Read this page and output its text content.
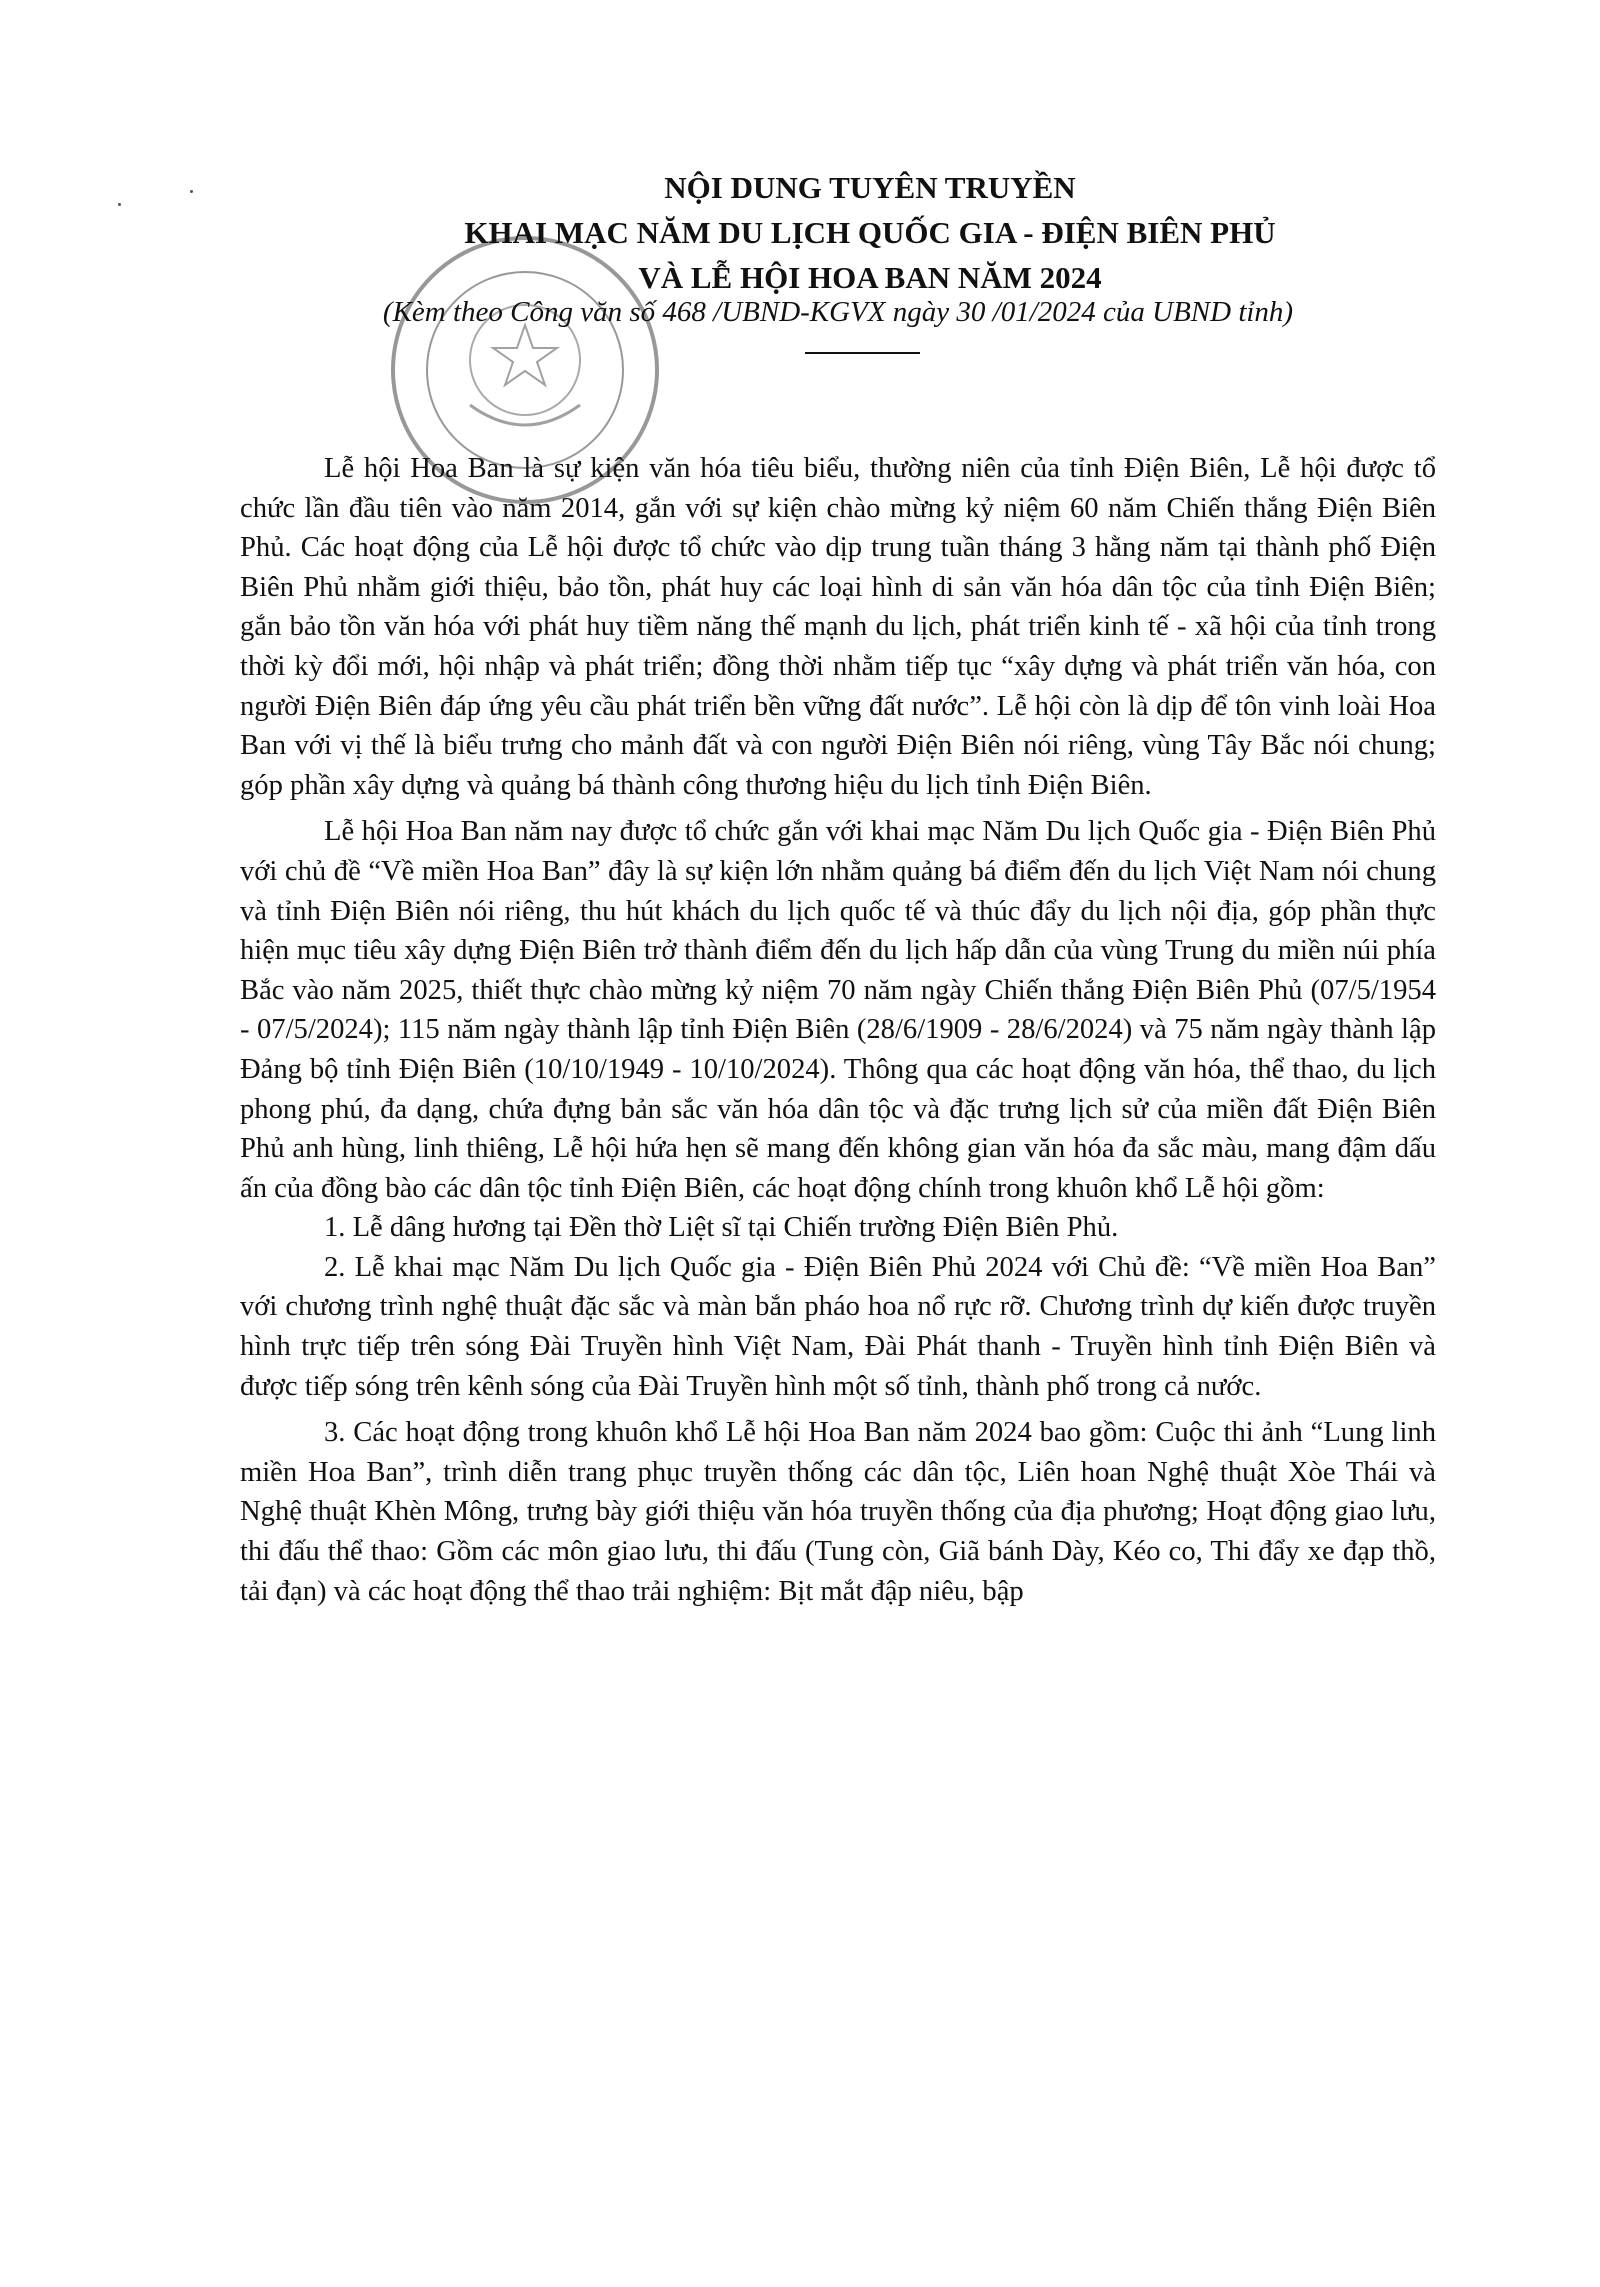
NỘI DUNG TUYÊN TRUYỀN
KHAI MẠC NĂM DU LỊCH QUỐC GIA - ĐIỆN BIÊN PHỦ
VÀ LỄ HỘI HOA BAN NĂM 2024
(Kèm theo Công văn số 468 /UBND-KGVX ngày 30 /01/2024 của UBND tỉnh)

Lễ hội Hoa Ban là sự kiện văn hóa tiêu biểu, thường niên của tỉnh Điện Biên, Lễ hội được tổ chức lần đầu tiên vào năm 2014, gắn với sự kiện chào mừng kỷ niệm 60 năm Chiến thắng Điện Biên Phủ. Các hoạt động của Lễ hội được tổ chức vào dịp trung tuần tháng 3 hằng năm tại thành phố Điện Biên Phủ nhằm giới thiệu, bảo tồn, phát huy các loại hình di sản văn hóa dân tộc của tỉnh Điện Biên; gắn bảo tồn văn hóa với phát huy tiềm năng thế mạnh du lịch, phát triển kinh tế - xã hội của tỉnh trong thời kỳ đổi mới, hội nhập và phát triển; đồng thời nhằm tiếp tục “xây dựng và phát triển văn hóa, con người Điện Biên đáp ứng yêu cầu phát triển bền vững đất nước”. Lễ hội còn là dịp để tôn vinh loài Hoa Ban với vị thế là biểu trưng cho mảnh đất và con người Điện Biên nói riêng, vùng Tây Bắc nói chung; góp phần xây dựng và quảng bá thành công thương hiệu du lịch tỉnh Điện Biên.

Lễ hội Hoa Ban năm nay được tổ chức gắn với khai mạc Năm Du lịch Quốc gia - Điện Biên Phủ với chủ đề “Về miền Hoa Ban” đây là sự kiện lớn nhằm quảng bá điểm đến du lịch Việt Nam nói chung và tỉnh Điện Biên nói riêng, thu hút khách du lịch quốc tế và thúc đẩy du lịch nội địa, góp phần thực hiện mục tiêu xây dựng Điện Biên trở thành điểm đến du lịch hấp dẫn của vùng Trung du miền núi phía Bắc vào năm 2025, thiết thực chào mừng kỷ niệm 70 năm ngày Chiến thắng Điện Biên Phủ (07/5/1954 - 07/5/2024); 115 năm ngày thành lập tỉnh Điện Biên (28/6/1909 - 28/6/2024) và 75 năm ngày thành lập Đảng bộ tỉnh Điện Biên (10/10/1949 - 10/10/2024). Thông qua các hoạt động văn hóa, thể thao, du lịch phong phú, đa dạng, chứa đựng bản sắc văn hóa dân tộc và đặc trưng lịch sử của miền đất Điện Biên Phủ anh hùng, linh thiêng, Lễ hội hứa hẹn sẽ mang đến không gian văn hóa đa sắc màu, mang đậm dấu ấn của đồng bào các dân tộc tỉnh Điện Biên, các hoạt động chính trong khuôn khổ Lễ hội gồm:

1. Lễ dâng hương tại Đền thờ Liệt sĩ tại Chiến trường Điện Biên Phủ.

2. Lễ khai mạc Năm Du lịch Quốc gia - Điện Biên Phủ 2024 với Chủ đề: “Về miền Hoa Ban” với chương trình nghệ thuật đặc sắc và màn bắn pháo hoa nổ rực rỡ. Chương trình dự kiến được truyền hình trực tiếp trên sóng Đài Truyền hình Việt Nam, Đài Phát thanh - Truyền hình tỉnh Điện Biên và được tiếp sóng trên kênh sóng của Đài Truyền hình một số tỉnh, thành phố trong cả nước.

3. Các hoạt động trong khuôn khổ Lễ hội Hoa Ban năm 2024 bao gồm: Cuộc thi ảnh “Lung linh miền Hoa Ban”, trình diễn trang phục truyền thống các dân tộc, Liên hoan Nghệ thuật Xòe Thái và Nghệ thuật Khèn Mông, trưng bày giới thiệu văn hóa truyền thống của địa phương; Hoạt động giao lưu, thi đấu thể thao: Gồm các môn giao lưu, thi đấu (Tung còn, Giã bánh Dày, Kéo co, Thi đẩy xe đạp thồ, tải đạn) và các hoạt động thể thao trải nghiệm: Bịt mắt đập niêu, bập
